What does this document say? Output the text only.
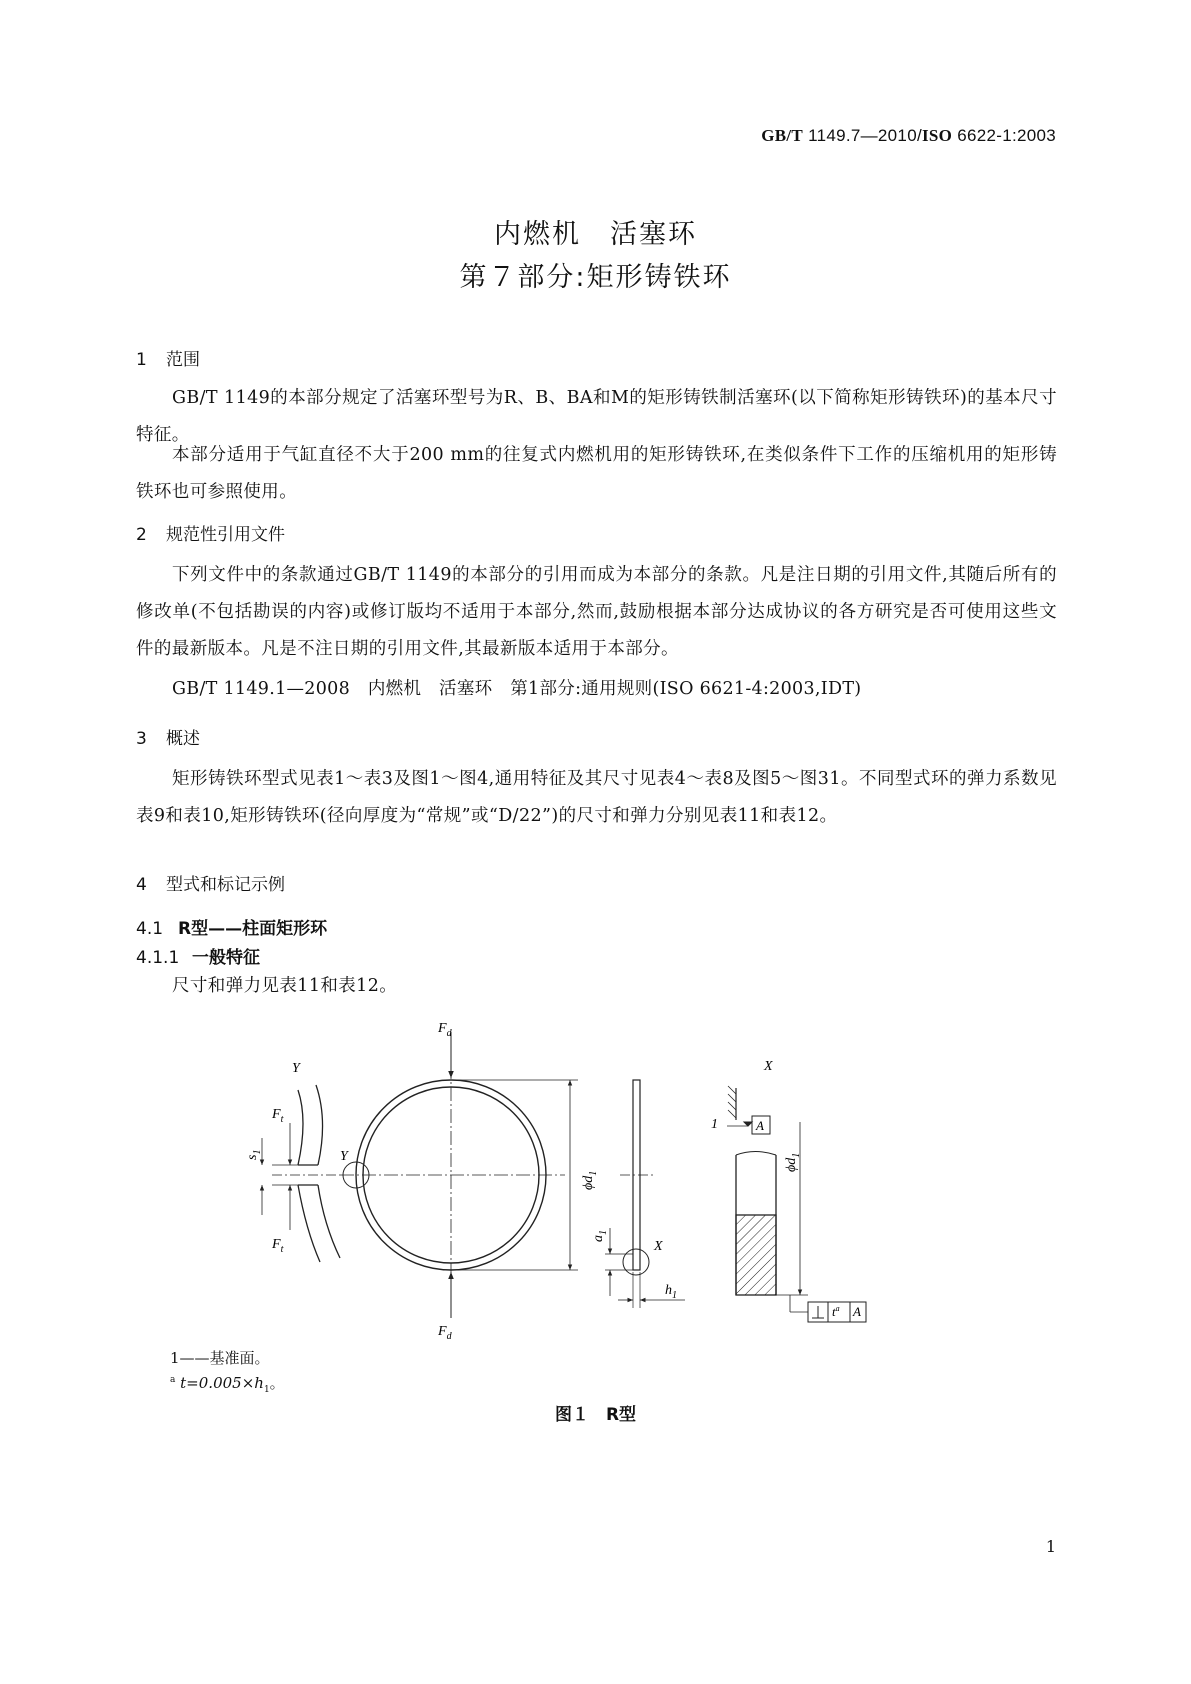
GB/T 1149.7—2010/ISO 6622-1:2003
内燃机　活塞环
第７部分:矩形铸铁环
1 范围
GB/T 1149的本部分规定了活塞环型号为R、B、BA和M的矩形铸铁制活塞环(以下简称矩形铸铁环)的基本尺寸特征。
本部分适用于气缸直径不大于200 mm的往复式内燃机用的矩形铸铁环,在类似条件下工作的压缩机用的矩形铸铁环也可参照使用。
2 规范性引用文件
下列文件中的条款通过GB/T 1149的本部分的引用而成为本部分的条款。凡是注日期的引用文件,其随后所有的修改单(不包括勘误的内容)或修订版均不适用于本部分,然而,鼓励根据本部分达成协议的各方研究是否可使用这些文件的最新版本。凡是不注日期的引用文件,其最新版本适用于本部分。
GB/T 1149.1—2008　内燃机　活塞环　第1部分:通用规则(ISO 6621-4:2003,IDT)
3 概述
矩形铸铁环型式见表1～表3及图1～图4,通用特征及其尺寸见表4～表8及图5～图31。不同型式环的弹力系数见表9和表10,矩形铸铁环(径向厚度为“常规”或“D/22”)的尺寸和弹力分别见表11和表12。
4 型式和标记示例
4.1 R型——柱面矩形环
4.1.1 一般特征
尺寸和弹力见表11和表12。
Y
$F_t$
$F_t$
$s_1$
$F_d$
$F_d$
Y
$\phi d_1$
$a_1$
X
$h_1$
X
1	A
$\phi d_1$
$t^a$ A
1——基准面。
$^a$ $t=0.005\times h_1$。
图１　R型
1
